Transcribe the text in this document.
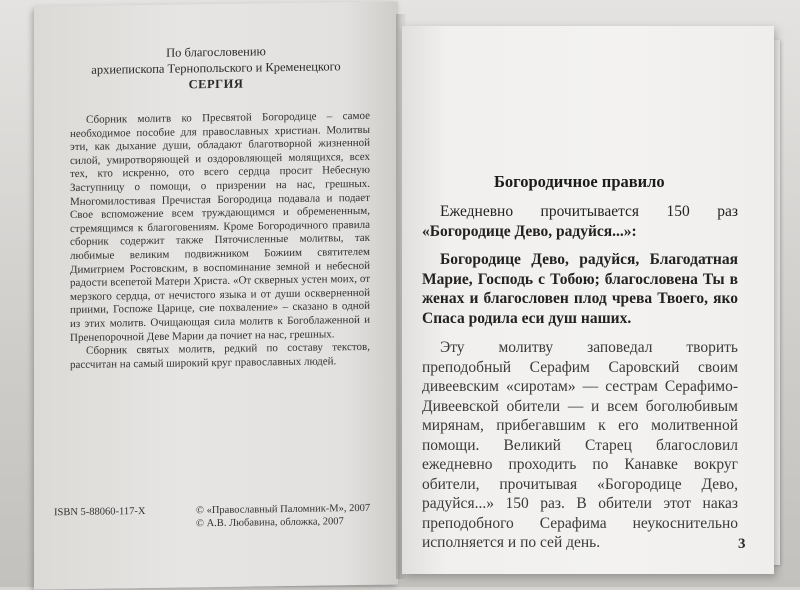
По благословению
архиепископа Тернопольского и Кременецкого
СЕРГИЯ

Сборник молитв ко Пресвятой Богородице – самое необходимое пособие для православных христиан. Молитвы эти, как дыхание души, обладают благотворной жизненной силой, умиротворяющей и оздоровляющей молящихся, всех тех, кто искренно, ото всего сердца просит Небесную Заступницу о помощи, о призрении на нас, грешных. Многомилостивая Пречистая Богородица подавала и подает Свое вспоможение всем труждающимся и обремененным, стремящимся к благоговениям. Кроме Богородичного правила сборник содержит также Пяточисленные молитвы, так любимые великим подвижником Божиим святителем Димитрием Ростовским, в воспоминание земной и небесной радости всепетой Матери Христа. «От скверных устен моих, от мерзкого сердца, от нечистого языка и от души оскверненной приими, Госпоже Царице, сие похваление» – сказано в одной из этих молитв. Очищающая сила молитв к Богоблаженной и Пренепорочной Деве Марии да почиет на нас, грешных.

Сборник святых молитв, редкий по составу текстов, рассчитан на самый широкий круг православных людей.

ISBN 5-88060-117-X	© «Православный Паломник-М», 2007
© А.В. Любавина, обложка, 2007
Богородичное правило

Ежедневно прочитывается 150 раз «Богородице Дево, радуйся...»:

Богородице Дево, радуйся, Благодатная Марие, Господь с Тобою; благословена Ты в женах и благословен плод чрева Твоего, яко Спаса родила еси душ наших.

Эту молитву заповедал творить преподобный Серафим Саровский своим дивеевским «сиротам» — сестрам Серафимо-Дивеевской обители — и всем боголюбивым мирянам, прибегавшим к его молитвенной помощи. Великий Старец благословил ежедневно проходить по Канавке вокруг обители, прочитывая «Богородице Дево, радуйся...» 150 раз. В обители этот наказ преподобного Серафима неукоснительно исполняется и по сей день.	3
